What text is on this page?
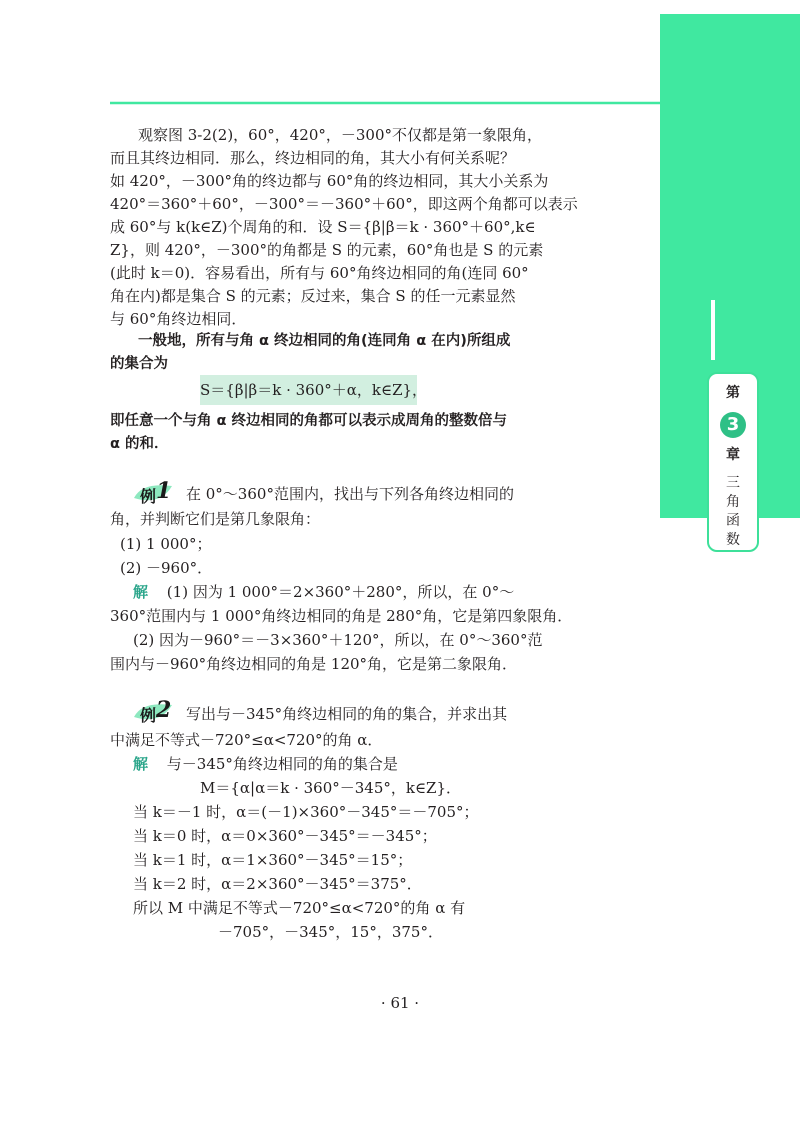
观察图 3-2(2)，60°，420°，－300°不仅都是第一象限角，
而且其终边相同．那么，终边相同的角，其大小有何关系呢？
如 420°，－300°角的终边都与 60°角的终边相同，其大小关系为
420°＝360°＋60°，－300°＝－360°＋60°，即这两个角都可以表示
成 60°与 k(k∈Z)个周角的和．设 S＝{β|β＝k · 360°＋60°,k∈
Z}，则 420°，－300°的角都是 S 的元素，60°角也是 S 的元素
(此时 k＝0)．容易看出，所有与 60°角终边相同的角(连同 60°
角在内)都是集合 S 的元素；反过来，集合 S 的任一元素显然
与 60°角终边相同．
一般地，所有与角 α 终边相同的角(连同角 α 在内)所组成
的集合为
S＝{β|β＝k · 360°＋α，k∈Z}，
即任意一个与角 α 终边相同的角都可以表示成周角的整数倍与
α 的和．
例 1 在 0°～360°范围内，找出与下列各角终边相同的
角，并判断它们是第几象限角：
(1) 1 000°；
(2) －960°．
解 (1) 因为 1 000°＝2×360°＋280°，所以，在 0°～
360°范围内与 1 000°角终边相同的角是 280°角，它是第四象限角．
(2) 因为－960°＝－3×360°＋120°，所以，在 0°～360°范
围内与－960°角终边相同的角是 120°角，它是第二象限角．
例 2 写出与－345°角终边相同的角的集合，并求出其
中满足不等式－720°≤α<720°的角 α．
解 与－345°角终边相同的角的集合是
M＝{α|α＝k · 360°－345°，k∈Z}．
当 k＝－1 时，α＝(－1)×360°－345°＝－705°；
当 k＝0 时，α＝0×360°－345°＝－345°；
当 k＝1 时，α＝1×360°－345°＝15°；
当 k＝2 时，α＝2×360°－345°＝375°．
所以 M 中满足不等式－720°≤α<720°的角 α 有
－705°，－345°，15°，375°．
第
3
章
三
角
函
数
· 61 ·
